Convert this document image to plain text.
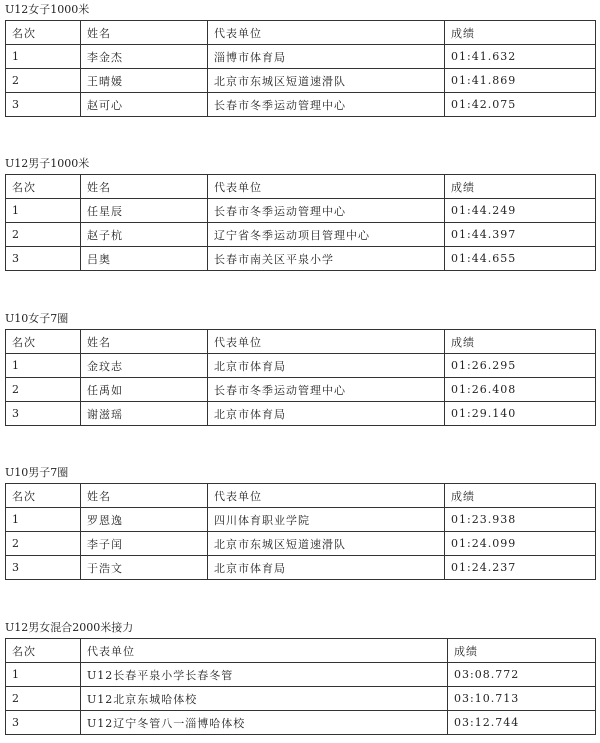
U12女子1000米
名次	姓名	代表单位	成绩
1	李金杰	淄博市体育局	01:41.632
2	王晴媛	北京市东城区短道速滑队	01:41.869
3	赵可心	长春市冬季运动管理中心	01:42.075
U12男子1000米
名次	姓名	代表单位	成绩
1	任星辰	长春市冬季运动管理中心	01:44.249
2	赵子杭	辽宁省冬季运动项目管理中心	01:44.397
3	吕奥	长春市南关区平泉小学	01:44.655
U10女子7圈
名次	姓名	代表单位	成绩
1	金玟志	北京市体育局	01:26.295
2	任禹如	长春市冬季运动管理中心	01:26.408
3	谢滋瑶	北京市体育局	01:29.140
U10男子7圈
名次	姓名	代表单位	成绩
1	罗恩逸	四川体育职业学院	01:23.938
2	李子闰	北京市东城区短道速滑队	01:24.099
3	于浩文	北京市体育局	01:24.237
U12男女混合2000米接力
名次	代表单位	成绩
1	U12长春平泉小学长春冬管	03:08.772
2	U12北京东城哈体校	03:10.713
3	U12辽宁冬管八一淄博哈体校	03:12.744
